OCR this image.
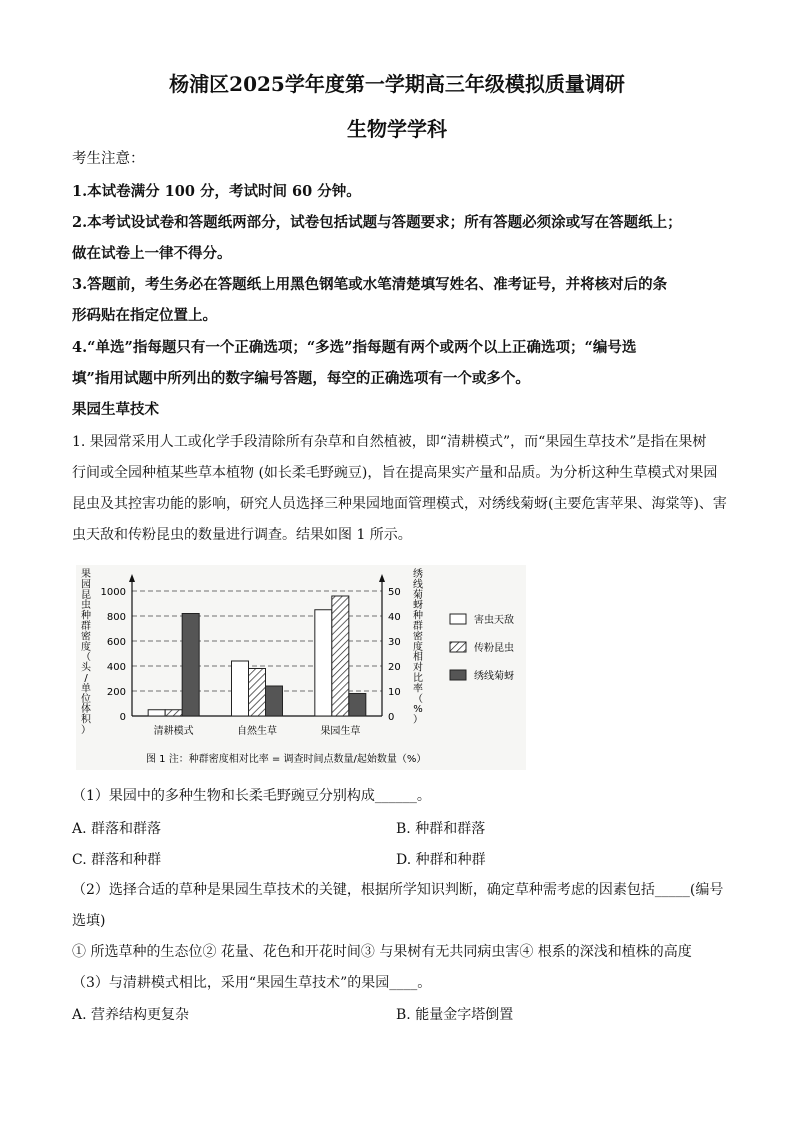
杨浦区2025学年度第一学期高三年级模拟质量调研
生物学学科
考生注意：
1.本试卷满分 100 分，考试时间 60 分钟。
2.本考试设试卷和答题纸两部分，试卷包括试题与答题要求；所有答题必须涂或写在答题纸上；
做在试卷上一律不得分。
3.答题前，考生务必在答题纸上用黑色钢笔或水笔清楚填写姓名、准考证号，并将核对后的条
形码贴在指定位置上。
4.“单选”指每题只有一个正确选项；“多选”指每题有两个或两个以上正确选项；“编号选
填”指用试题中所列出的数字编号答题，每空的正确选项有一个或多个。
果园生草技术
1. 果园常采用人工或化学手段清除所有杂草和自然植被，即“清耕模式”，而“果园生草技术”是指在果树
行间或全园种植某些草本植物 (如长柔毛野豌豆)，旨在提高果实产量和品质。为分析这种生草模式对果园
昆虫及其控害功能的影响，研究人员选择三种果园地面管理模式，对绣线菊蚜(主要危害苹果、海棠等)、害
虫天敌和传粉昆虫的数量进行调查。结果如图 1 所示。
0
200
400
600
800
1000
0
10
20
30
40
50
果园昆虫种群密度（头/单位体积）
绣线菊蚜种群密度相对比率（%）
清耕模式	自然生草	果园生草
害虫天敌
传粉昆虫
绣线菊蚜
图 1 注：种群密度相对比率 = 调查时间点数量/起始数量（%）
（1）果园中的多种生物和长柔毛野豌豆分别构成______。
A. 群落和群落	B. 种群和群落
C. 群落和种群	D. 种群和种群
（2）选择合适的草种是果园生草技术的关键，根据所学知识判断，确定草种需考虑的因素包括_____(编号
选填)
① 所选草种的生态位② 花量、花色和开花时间③ 与果树有无共同病虫害④ 根系的深浅和植株的高度
（3）与清耕模式相比，采用“果园生草技术”的果园____。
A. 营养结构更复杂	B. 能量金字塔倒置
